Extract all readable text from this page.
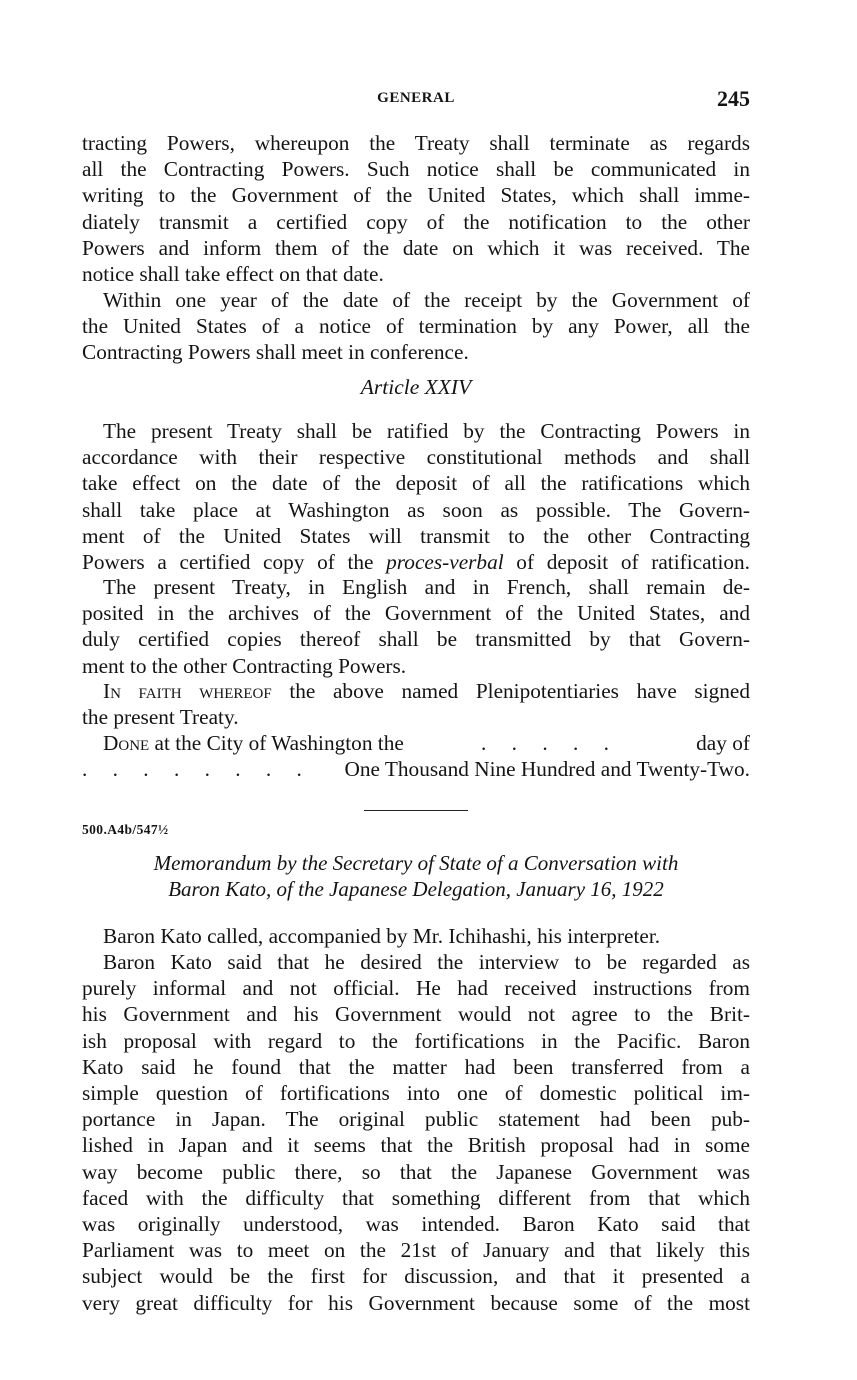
GENERAL	245
tracting Powers, whereupon the Treaty shall terminate as regards
all the Contracting Powers. Such notice shall be communicated in
writing to the Government of the United States, which shall imme-
diately transmit a certified copy of the notification to the other
Powers and inform them of the date on which it was received. The
notice shall take effect on that date.
Within one year of the date of the receipt by the Government of
the United States of a notice of termination by any Power, all the
Contracting Powers shall meet in conference.
Article XXIV
The present Treaty shall be ratified by the Contracting Powers in
accordance with their respective constitutional methods and shall
take effect on the date of the deposit of all the ratifications which
shall take place at Washington as soon as possible. The Govern-
ment of the United States will transmit to the other Contracting
Powers a certified copy of the proces-verbal of deposit of ratification.
The present Treaty, in English and in French, shall remain de-
posited in the archives of the Government of the United States, and
duly certified copies thereof shall be transmitted by that Govern-
ment to the other Contracting Powers.
In faith whereof the above named Plenipotentiaries have signed
the present Treaty.
Done at the City of Washington the	. . . . .	day of
. . . . . . . . One Thousand Nine Hundred and Twenty-Two.
500.A4b/547½
Memorandum by the Secretary of State of a Conversation with
Baron Kato, of the Japanese Delegation, January 16, 1922
Baron Kato called, accompanied by Mr. Ichihashi, his interpreter.
Baron Kato said that he desired the interview to be regarded as
purely informal and not official. He had received instructions from
his Government and his Government would not agree to the Brit-
ish proposal with regard to the fortifications in the Pacific. Baron
Kato said he found that the matter had been transferred from a
simple question of fortifications into one of domestic political im-
portance in Japan. The original public statement had been pub-
lished in Japan and it seems that the British proposal had in some
way become public there, so that the Japanese Government was
faced with the difficulty that something different from that which
was originally understood, was intended. Baron Kato said that
Parliament was to meet on the 21st of January and that likely this
subject would be the first for discussion, and that it presented a
very great difficulty for his Government because some of the most
